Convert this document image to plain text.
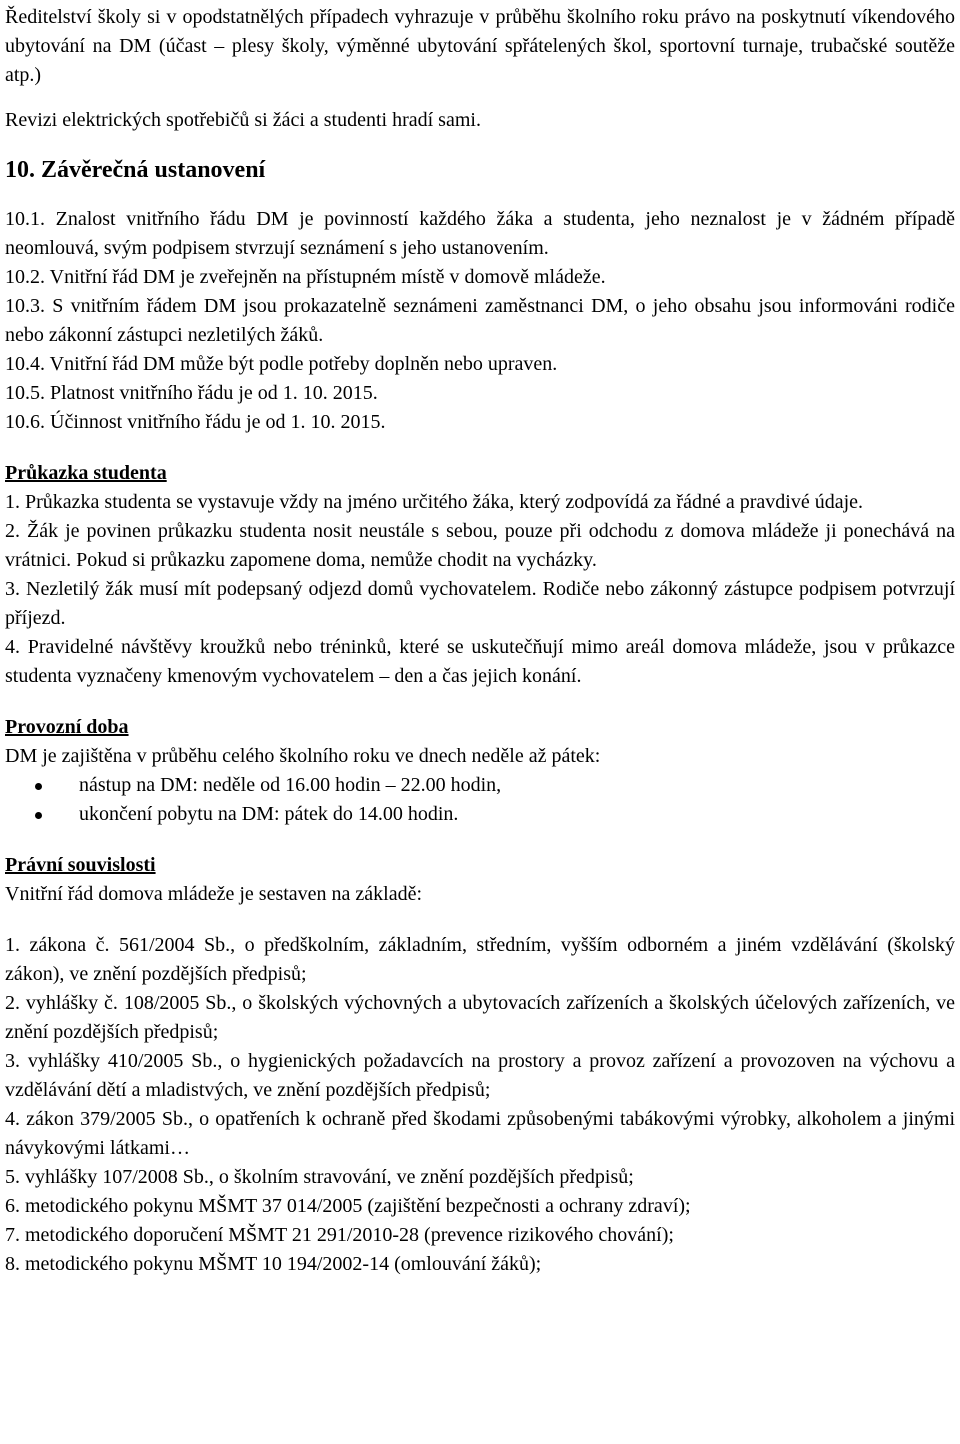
Ředitelství školy si v opodstatnělých případech vyhrazuje v průběhu školního roku právo na poskytnutí víkendového ubytování na DM (účast – plesy školy, výměnné ubytování spřátelených škol, sportovní turnaje, trubačské soutěže atp.)

Revizi elektrických spotřebičů si žáci a studenti hradí sami.

10. Závěrečná ustanovení

10.1. Znalost vnitřního řádu DM je povinností každého žáka a studenta, jeho neznalost je v žádném případě neomlouvá, svým podpisem stvrzují seznámení s jeho ustanovením.

10.2. Vnitřní řád DM je zveřejněn na přístupném místě v domově mládeže.

10.3. S vnitřním řádem DM jsou prokazatelně seznámeni zaměstnanci DM, o jeho obsahu jsou informováni rodiče nebo zákonní zástupci nezletilých žáků.

10.4. Vnitřní řád DM může být podle potřeby doplněn nebo upraven.

10.5. Platnost vnitřního řádu je od 1. 10. 2015.

10.6. Účinnost vnitřního řádu je od 1. 10. 2015.

Průkazka studenta

1. Průkazka studenta se vystavuje vždy na jméno určitého žáka, který zodpovídá za řádné a pravdivé údaje.

2. Žák je povinen průkazku studenta nosit neustále s sebou, pouze při odchodu z domova mládeže ji ponechává na vrátnici. Pokud si průkazku zapomene doma, nemůže chodit na vycházky.

3. Nezletilý žák musí mít podepsaný odjezd domů vychovatelem. Rodiče nebo zákonný zástupce podpisem potvrzují příjezd.

4. Pravidelné návštěvy kroužků nebo tréninků, které se uskutečňují mimo areál domova mládeže, jsou v průkazce studenta vyznačeny kmenovým vychovatelem – den a čas jejich konání.

Provozní doba

DM je zajištěna v průběhu celého školního roku ve dnech neděle až pátek:

nástup na DM: neděle od 16.00 hodin – 22.00 hodin,
ukončení pobytu na DM: pátek do 14.00 hodin.

Právní souvislosti

Vnitřní řád domova mládeže je sestaven na základě:

1. zákona č. 561/2004 Sb., o předškolním, základním, středním, vyšším odborném a jiném vzdělávání (školský zákon), ve znění pozdějších předpisů;

2. vyhlášky č. 108/2005 Sb., o školských výchovných a ubytovacích zařízeních a školských účelových zařízeních, ve znění pozdějších předpisů;

3. vyhlášky 410/2005 Sb., o hygienických požadavcích na prostory a provoz zařízení a provozoven na výchovu a vzdělávání dětí a mladistvých, ve znění pozdějších předpisů;

4. zákon 379/2005 Sb., o opatřeních k ochraně před škodami způsobenými tabákovými výrobky, alkoholem a jinými návykovými látkami…

5. vyhlášky 107/2008 Sb., o školním stravování, ve znění pozdějších předpisů;

6. metodického pokynu MŠMT 37 014/2005 (zajištění bezpečnosti a ochrany zdraví);

7. metodického doporučení MŠMT 21 291/2010-28 (prevence rizikového chování);

8. metodického pokynu MŠMT 10 194/2002-14 (omlouvání žáků);
